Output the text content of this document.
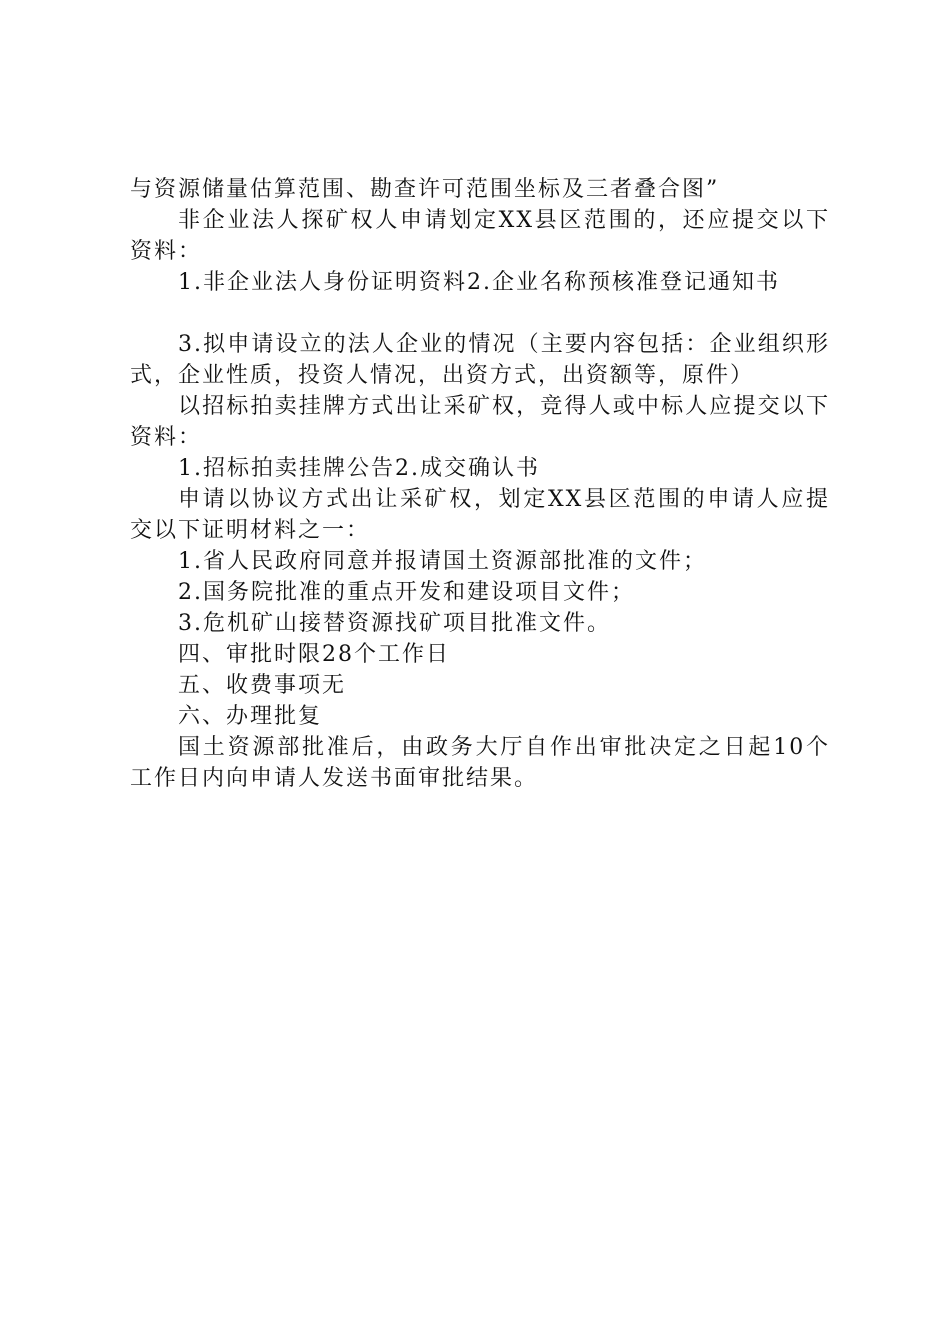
与资源储量估算范围、勘查许可范围坐标及三者叠合图”

非企业法人探矿权人申请划定XX县区范围的，还应提交以下资料：

1.非企业法人身份证明资料2.企业名称预核准登记通知书

3.拟申请设立的法人企业的情况（主要内容包括：企业组织形式，企业性质，投资人情况，出资方式，出资额等，原件）

以招标拍卖挂牌方式出让采矿权，竞得人或中标人应提交以下资料：

1.招标拍卖挂牌公告2.成交确认书

申请以协议方式出让采矿权，划定XX县区范围的申请人应提交以下证明材料之一：

1.省人民政府同意并报请国土资源部批准的文件；

2.国务院批准的重点开发和建设项目文件；

3.危机矿山接替资源找矿项目批准文件。

四、审批时限28个工作日

五、收费事项无

六、办理批复

国土资源部批准后，由政务大厅自作出审批决定之日起10个工作日内向申请人发送书面审批结果。
